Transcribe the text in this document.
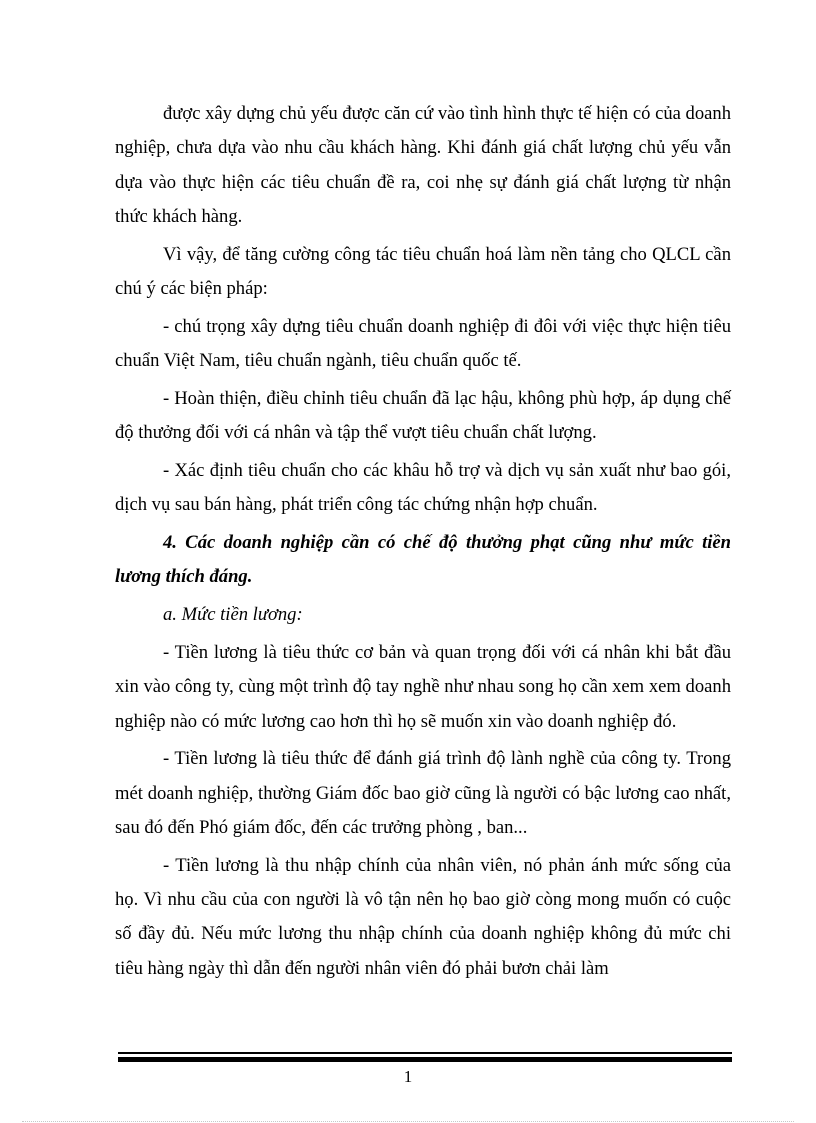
được xây dựng chủ yếu được căn cứ vào tình hình thực tế hiện có của doanh nghiệp, chưa dựa vào nhu cầu khách hàng. Khi đánh giá chất lượng chủ yếu vẫn dựa vào thực hiện các tiêu chuẩn đề ra, coi nhẹ sự đánh giá chất lượng từ nhận thức khách hàng.

Vì vậy, để tăng cường công tác tiêu chuẩn hoá làm nền tảng cho QLCL cần chú ý các biện pháp:

- chú trọng xây dựng tiêu chuẩn doanh nghiệp đi đôi với việc thực hiện tiêu chuẩn Việt Nam, tiêu chuẩn ngành, tiêu chuẩn quốc tế.

- Hoàn thiện, điều chỉnh tiêu chuẩn đã lạc hậu, không phù hợp, áp dụng chế độ thưởng đối với cá nhân và tập thể vượt tiêu chuẩn chất lượng.

- Xác định tiêu chuẩn cho các khâu hỗ trợ và dịch vụ sản xuất như bao gói, dịch vụ sau bán hàng, phát triển công tác chứng nhận hợp chuẩn.

4. Các doanh nghiệp cần có chế độ thưởng phạt cũng như mức tiền lương thích đáng.

a. Mức tiền lương:

- Tiền lương là tiêu thức cơ bản và quan trọng đối với cá nhân khi bắt đầu xin vào công ty, cùng một trình độ tay nghề như nhau song họ cần xem xem doanh nghiệp nào có mức lương cao hơn thì họ sẽ muốn xin vào doanh nghiệp đó.

- Tiền lương là tiêu thức để đánh giá trình độ lành nghề của công ty. Trong mét doanh nghiệp, thường Giám đốc bao giờ cũng là người có bậc lương cao nhất, sau đó đến Phó giám đốc, đến các trưởng phòng , ban...

- Tiền lương là thu nhập chính của nhân viên, nó phản ánh mức sống của họ. Vì nhu cầu của con người là vô tận nên họ bao giờ còng mong muốn có cuộc số đầy đủ. Nếu mức lương thu nhập chính của doanh nghiệp không đủ mức chi tiêu hàng ngày thì dẫn đến người nhân viên đó phải bươn chải làm

1
